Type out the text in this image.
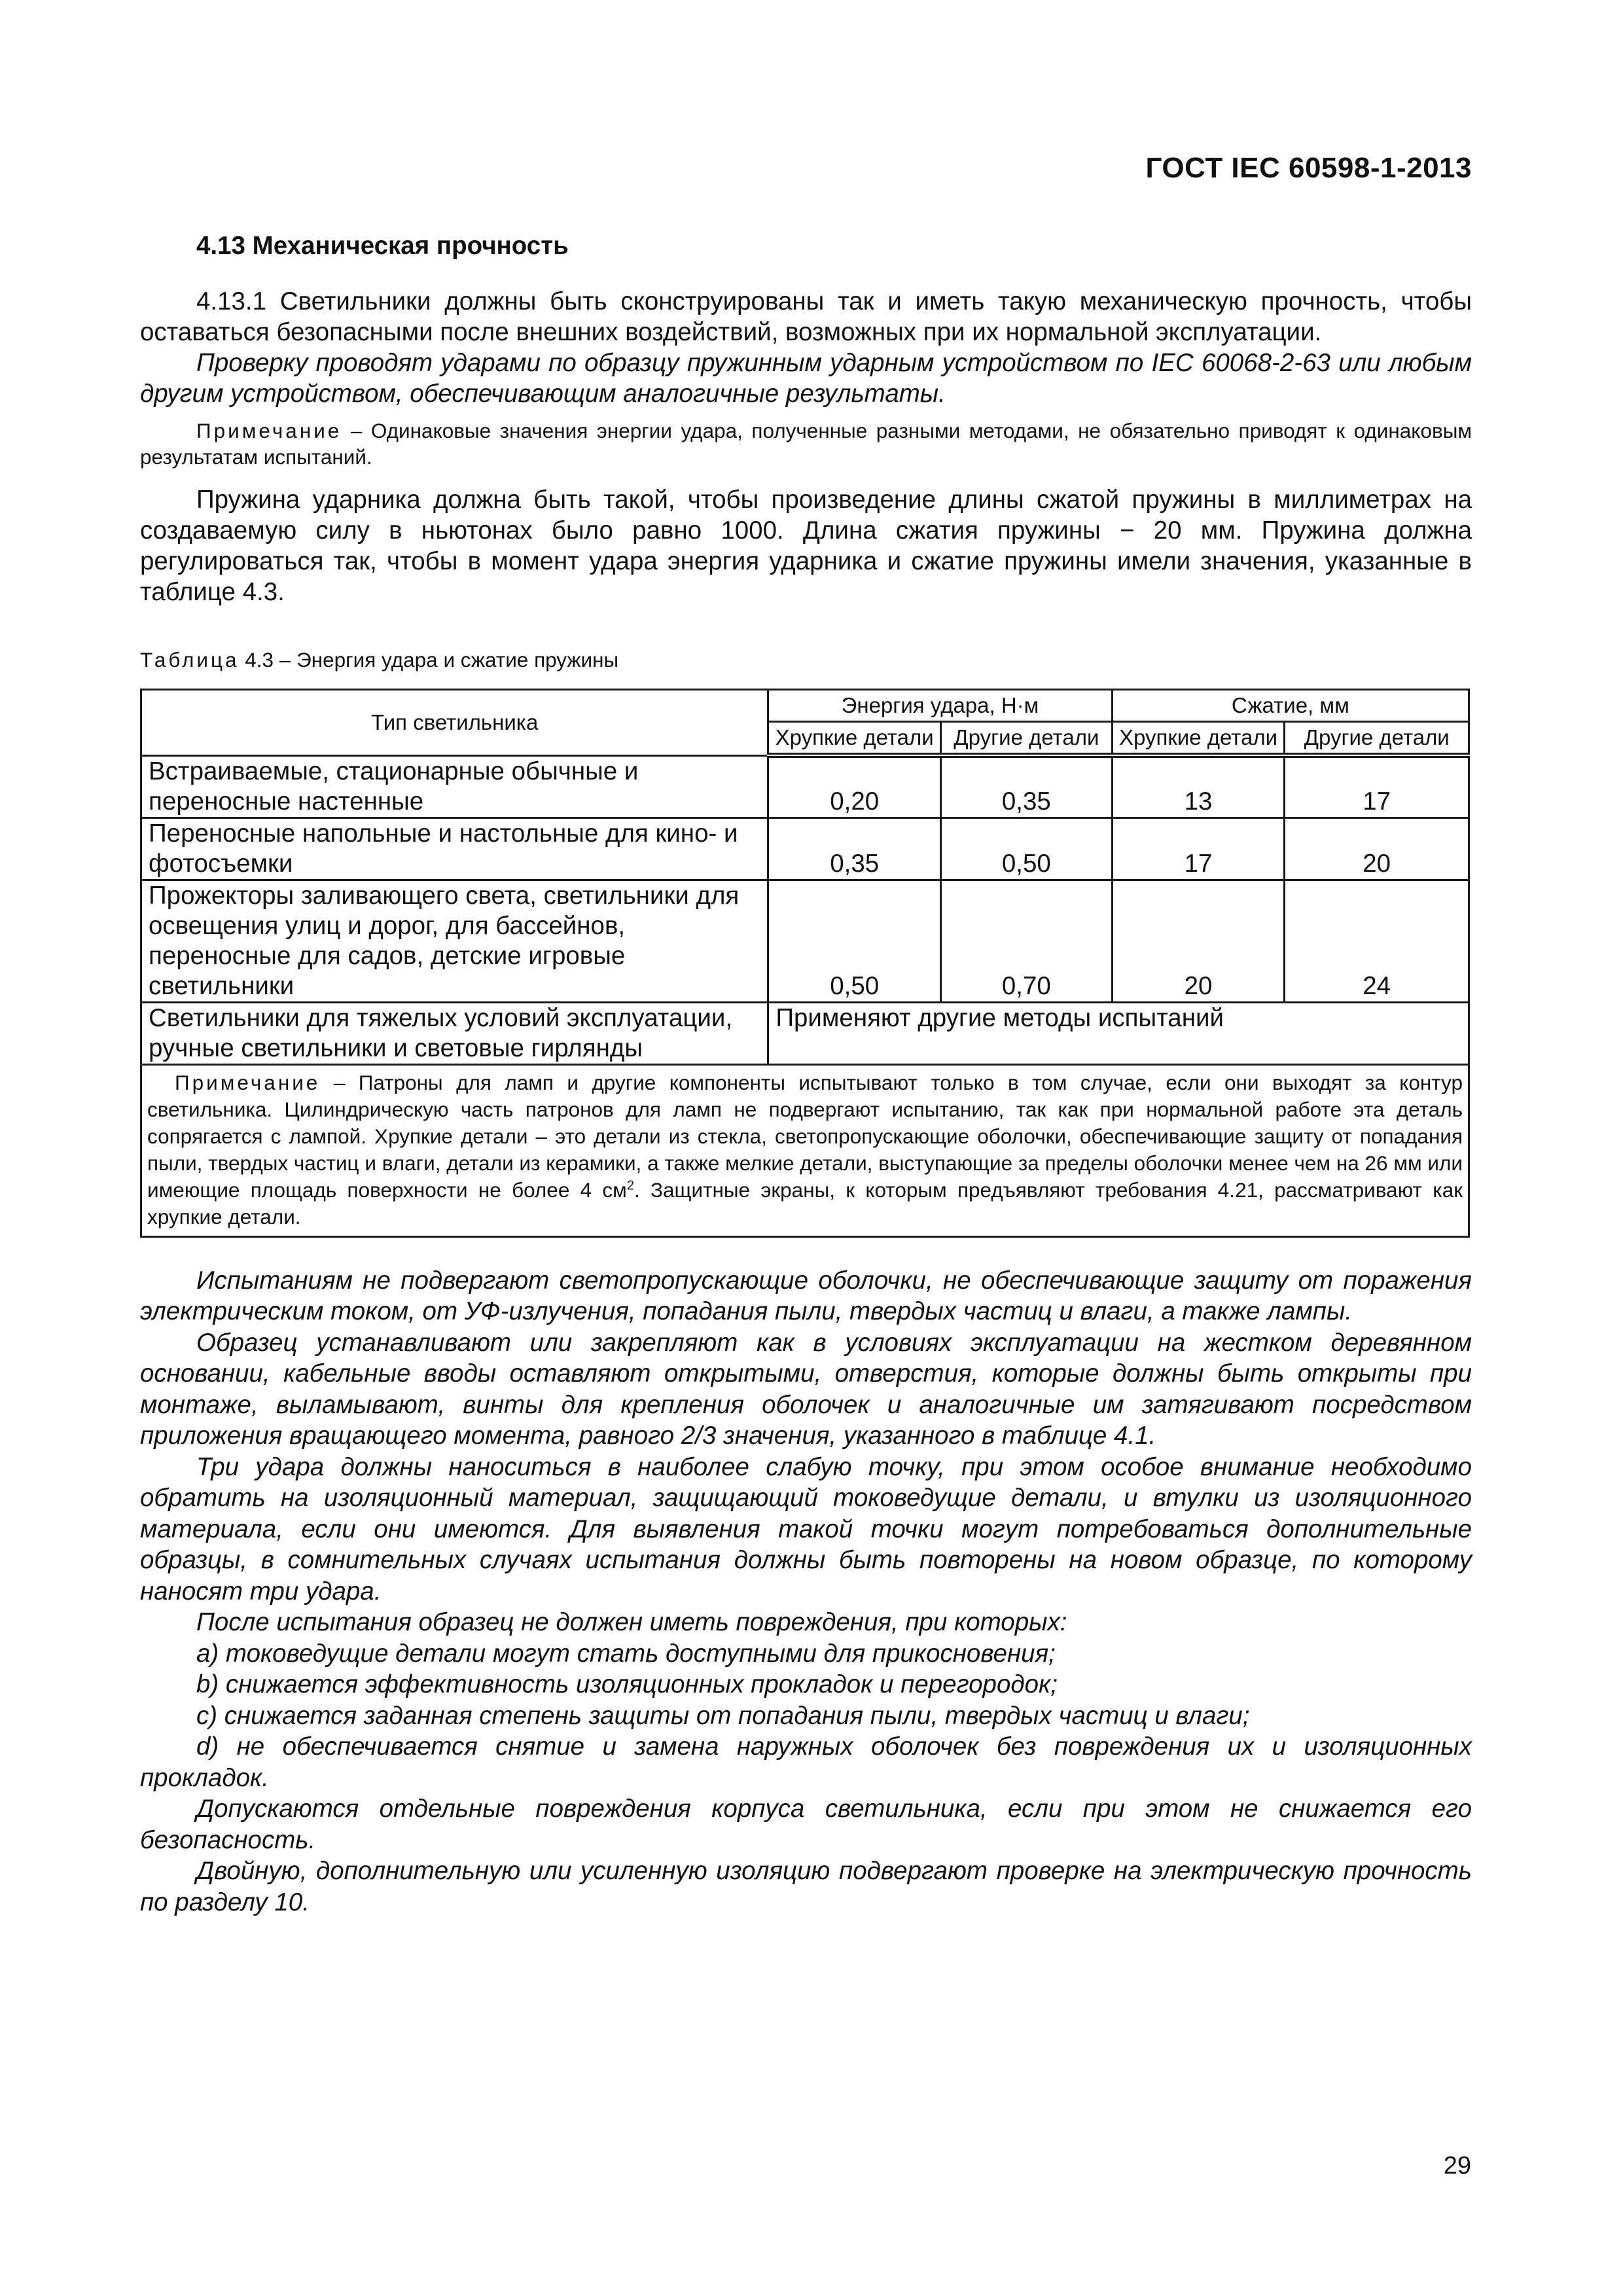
ГОСТ IEC 60598-1-2013
4.13 Механическая прочность

4.13.1 Светильники должны быть сконструированы так и иметь такую механическую прочность, чтобы оставаться безопасными после внешних воздействий, возможных при их нормальной эксплуатации.

Проверку проводят ударами по образцу пружинным ударным устройством по IEC 60068-2-63 или любым другим устройством, обеспечивающим аналогичные результаты.

Примечание – Одинаковые значения энергии удара, полученные разными методами, не обязательно приводят к одинаковым результатам испытаний.

Пружина ударника должна быть такой, чтобы произведение длины сжатой пружины в миллиметрах на создаваемую силу в ньютонах было равно 1000. Длина сжатия пружины − 20 мм. Пружина должна регулироваться так, чтобы в момент удара энергия ударника и сжатие пружины имели значения, указанные в таблице 4.3.

Таблица 4.3 – Энергия удара и сжатие пружины
Тип светильника	Энергия удара, Н·м		Сжатие, мм	
	Хрупкие детали	Другие детали	Хрупкие детали	Другие детали
Встраиваемые, стационарные обычные и переносные настенные	0,20	0,35	13	17
Переносные напольные и настольные для кино- и фотосъемки	0,35	0,50	17	20
Прожекторы заливающего света, светильники для освещения улиц и дорог, для бассейнов, переносные для садов, детские игровые светильники	0,50	0,70	20	24
Светильники для тяжелых условий эксплуатации, ручные светильники и световые гирлянды	Применяют другие методы испытаний			
Примечание – Патроны для ламп и другие компоненты испытывают только в том случае, если они выходят за контур светильника. Цилиндрическую часть патронов для ламп не подвергают испытанию, так как при нормальной работе эта деталь сопрягается с лампой. Хрупкие детали – это детали из стекла, светопропускающие оболочки, обеспечивающие защиту от попадания пыли, твердых частиц и влаги, детали из керамики, а также мелкие детали, выступающие за пределы оболочки менее чем на 26 мм или имеющие площадь поверхности не более 4 $см^2$. Защитные экраны, к которым предъявляют требования 4.21, рассматривают как хрупкие детали.				

Испытаниям не подвергают светопропускающие оболочки, не обеспечивающие защиту от поражения электрическим током, от УФ-излучения, попадания пыли, твердых частиц и влаги, а также лампы.

Образец устанавливают или закрепляют как в условиях эксплуатации на жестком деревянном основании, кабельные вводы оставляют открытыми, отверстия, которые должны быть открыты при монтаже, выламывают, винты для крепления оболочек и аналогичные им затягивают посредством приложения вращающего момента, равного 2/3 значения, указанного в таблице 4.1.

Три удара должны наноситься в наиболее слабую точку, при этом особое внимание необходимо обратить на изоляционный материал, защищающий токоведущие детали, и втулки из изоляционного материала, если они имеются. Для выявления такой точки могут потребоваться дополнительные образцы, в сомнительных случаях испытания должны быть повторены на новом образце, по которому наносят три удара.

После испытания образец не должен иметь повреждения, при которых:

a) токоведущие детали могут стать доступными для прикосновения;

b) снижается эффективность изоляционных прокладок и перегородок;

c) снижается заданная степень защиты от попадания пыли, твердых частиц и влаги;

d) не обеспечивается снятие и замена наружных оболочек без повреждения их и изоляционных прокладок.

Допускаются отдельные повреждения корпуса светильника, если при этом не снижается его безопасность.

Двойную, дополнительную или усиленную изоляцию подвергают проверке на электрическую прочность по разделу 10.

29
